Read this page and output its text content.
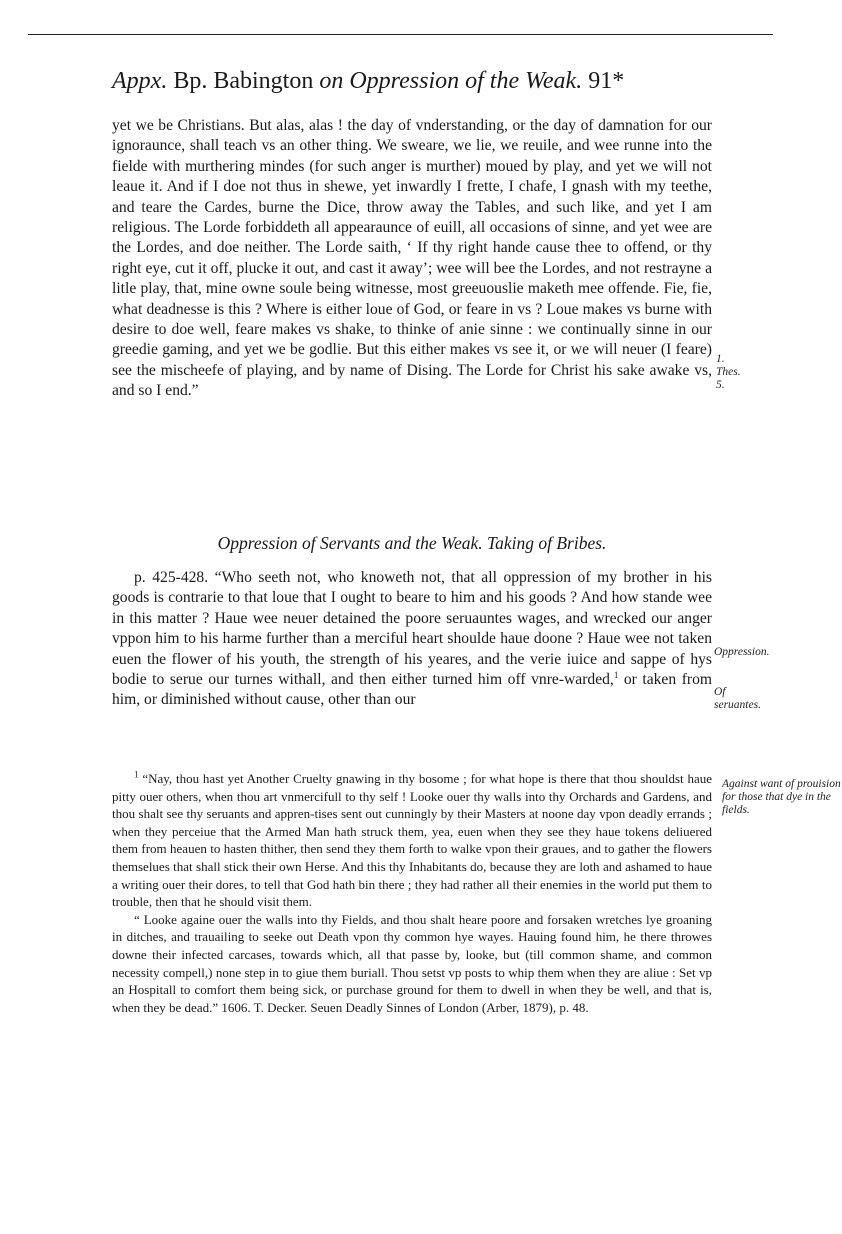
Appx. Bp. Babington on Oppression of the Weak. 91*

yet we be Christians. But alas, alas ! the day of vnderstanding, or the day of damnation for our ignoraunce, shall teach vs an other thing. We sweare, we lie, we reuile, and wee runne into the fielde with murthering mindes (for such anger is murther) moued by play, and yet we will not leaue it. And if I doe not thus in shewe, yet inwardly I frette, I chafe, I gnash with my teethe, and teare the Cardes, burne the Dice, throw away the Tables, and such like, and yet I am religious. The Lorde forbiddeth all appearaunce of euill, all occasions of sinne, and yet wee are the Lordes, and doe neither. The Lorde saith, ‘ If thy right hande cause thee to offend, or thy right eye, cut it off, plucke it out, and cast it away’; wee will bee the Lordes, and not restrayne a litle play, that, mine owne soule being witnesse, most greeuouslie maketh mee offende. Fie, fie, what deadnesse is this ? Where is either loue of God, or feare in vs ? Loue makes vs burne with desire to doe well, feare makes vs shake, to thinke of anie sinne : we continually sinne in our greedie gaming, and yet we be godlie. But this either makes vs see it, or we will neuer (I feare) see the mischeefe of playing, and by name of Dising. The Lorde for Christ his sake awake vs, and so I end.”

1. Thes. 5.
Oppression of Servants and the Weak. Taking of Bribes.

p. 425-428. “Who seeth not, who knoweth not, that all oppression of my brother in his goods is contrarie to that loue that I ought to beare to him and his goods ? And how stande wee in this matter ? Haue wee neuer detained the poore seruauntes wages, and wrecked our anger vppon him to his harme further than a merciful heart shoulde haue doone ? Haue wee not taken euen the flower of his youth, the strength of his yeares, and the verie iuice and sappe of hys bodie to serue our turnes withall, and then either turned him off vnre-warded,$^1$ or taken from him, or diminished without cause, other than our

Oppression.
Of seruantes.

$^1$ “Nay, thou hast yet Another Cruelty gnawing in thy bosome ; for what hope is there that thou shouldst haue pitty ouer others, when thou art vnmercifull to thy self ! Looke ouer thy walls into thy Orchards and Gardens, and thou shalt see thy seruants and appren-tises sent out cunningly by their Masters at noone day vpon deadly errands ; when they perceiue that the Armed Man hath struck them, yea, euen when they see they haue tokens deliuered them from heauen to hasten thither, then send they them forth to walke vpon their graues, and to gather the flowers themselues that shall stick their own Herse. And this thy Inhabitants do, because they are loth and ashamed to haue a writing ouer their dores, to tell that God hath bin there ; they had rather all their enemies in the world put them to trouble, then that he should visit them.

“ Looke againe ouer the walls into thy Fields, and thou shalt heare poore and forsaken wretches lye groaning in ditches, and trauailing to seeke out Death vpon thy common hye wayes. Hauing found him, he there throwes downe their infected carcases, towards which, all that passe by, looke, but (till common shame, and common necessity compell,) none step in to giue them buriall. Thou setst vp posts to whip them when they are aliue : Set vp an Hospitall to comfort them being sick, or purchase ground for them to dwell in when they be well, and that is, when they be dead.” 1606. T. Decker. Seuen Deadly Sinnes of London (Arber, 1879), p. 48.

Against want of prouision for those that dye in the fields.
